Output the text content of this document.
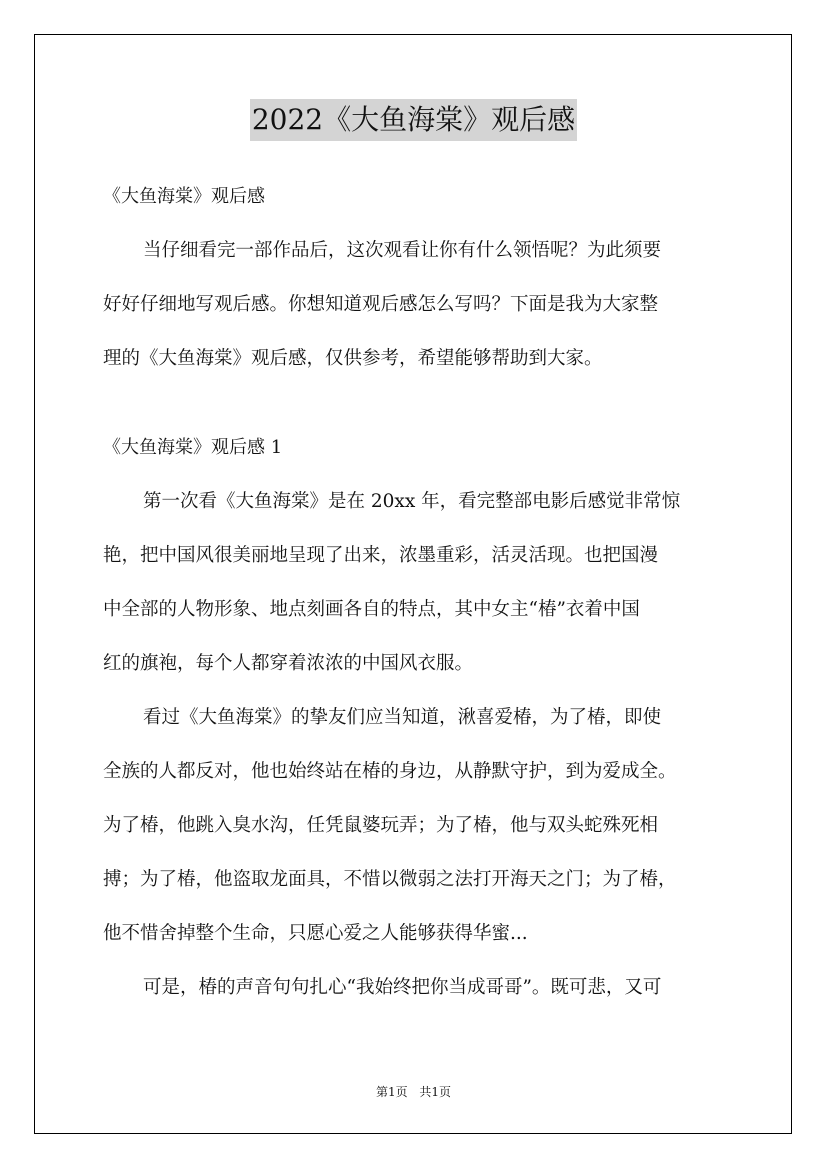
2022《大鱼海棠》观后感
《大鱼海棠》观后感
当仔细看完一部作品后，这次观看让你有什么领悟呢？为此须要
好好仔细地写观后感。你想知道观后感怎么写吗？下面是我为大家整
理的《大鱼海棠》观后感，仅供参考，希望能够帮助到大家。
《大鱼海棠》观后感 1
第一次看《大鱼海棠》是在 20xx 年，看完整部电影后感觉非常惊
艳，把中国风很美丽地呈现了出来，浓墨重彩，活灵活现。也把国漫
中全部的人物形象、地点刻画各自的特点，其中女主“椿”衣着中国
红的旗袍，每个人都穿着浓浓的中国风衣服。
看过《大鱼海棠》的挚友们应当知道，湫喜爱椿，为了椿，即使
全族的人都反对，他也始终站在椿的身边，从静默守护，到为爱成全。
为了椿，他跳入臭水沟，任凭鼠婆玩弄；为了椿，他与双头蛇殊死相
搏；为了椿，他盗取龙面具，不惜以微弱之法打开海天之门；为了椿，
他不惜舍掉整个生命，只愿心爱之人能够获得华蜜...
可是，椿的声音句句扎心“我始终把你当成哥哥”。既可悲，又可
第1页 共1页
